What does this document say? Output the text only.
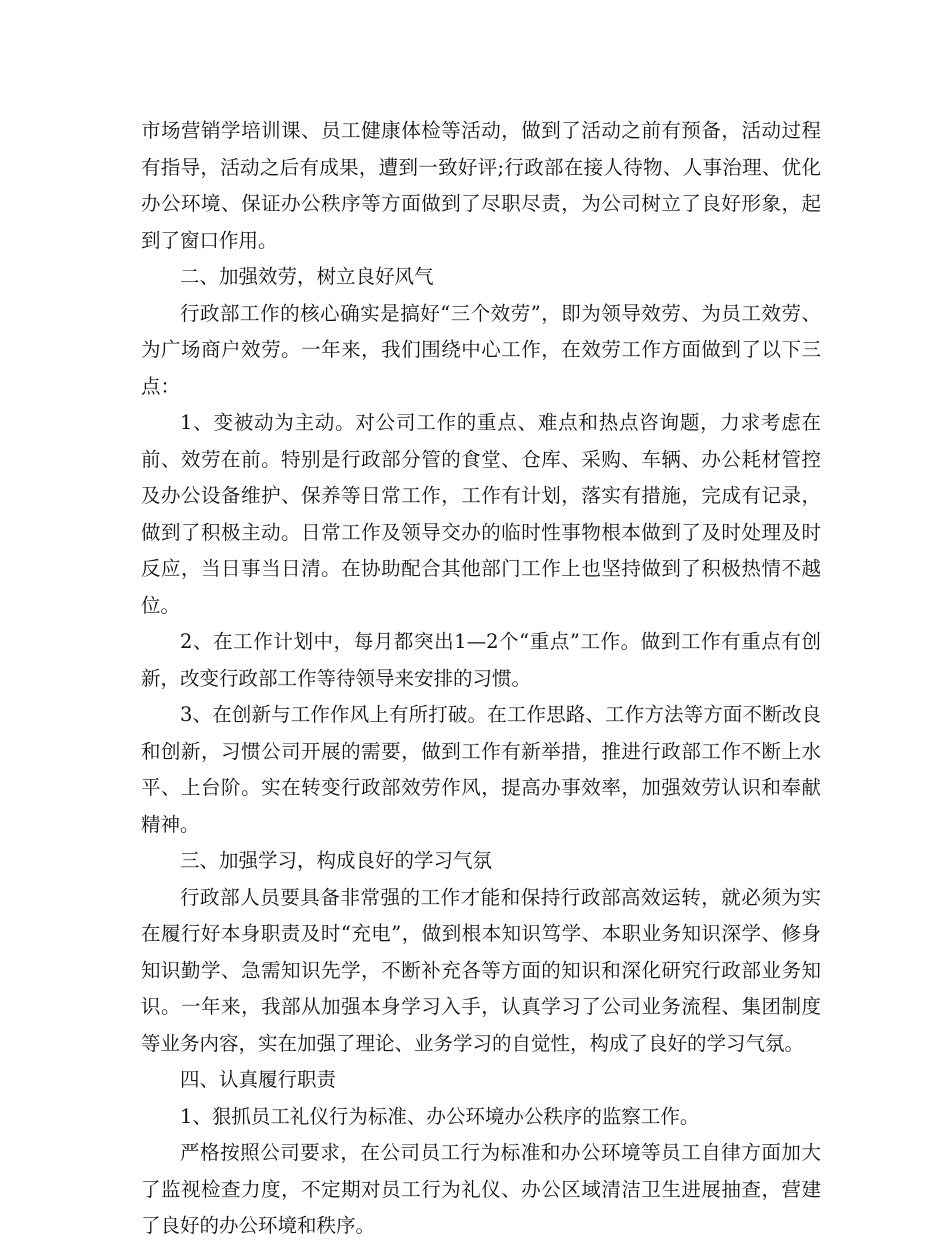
市场营销学培训课、员工健康体检等活动，做到了活动之前有预备，活动过程有指导，活动之后有成果，遭到一致好评;行政部在接人待物、人事治理、优化办公环境、保证办公秩序等方面做到了尽职尽责，为公司树立了良好形象，起到了窗口作用。

二、加强效劳，树立良好风气

行政部工作的核心确实是搞好“三个效劳”，即为领导效劳、为员工效劳、为广场商户效劳。一年来，我们围绕中心工作，在效劳工作方面做到了以下三点：

1、变被动为主动。对公司工作的重点、难点和热点咨询题，力求考虑在前、效劳在前。特别是行政部分管的食堂、仓库、采购、车辆、办公耗材管控及办公设备维护、保养等日常工作，工作有计划，落实有措施，完成有记录，做到了积极主动。日常工作及领导交办的临时性事物根本做到了及时处理及时反应，当日事当日清。在协助配合其他部门工作上也坚持做到了积极热情不越位。

2、在工作计划中，每月都突出1—2个“重点”工作。做到工作有重点有创新，改变行政部工作等待领导来安排的习惯。

3、在创新与工作作风上有所打破。在工作思路、工作方法等方面不断改良和创新，习惯公司开展的需要，做到工作有新举措，推进行政部工作不断上水平、上台阶。实在转变行政部效劳作风，提高办事效率，加强效劳认识和奉献精神。

三、加强学习，构成良好的学习气氛

行政部人员要具备非常强的工作才能和保持行政部高效运转，就必须为实在履行好本身职责及时“充电”，做到根本知识笃学、本职业务知识深学、修身知识勤学、急需知识先学，不断补充各等方面的知识和深化研究行政部业务知识。一年来，我部从加强本身学习入手，认真学习了公司业务流程、集团制度等业务内容，实在加强了理论、业务学习的自觉性，构成了良好的学习气氛。

四、认真履行职责

1、狠抓员工礼仪行为标准、办公环境办公秩序的监察工作。

严格按照公司要求，在公司员工行为标准和办公环境等员工自律方面加大了监视检查力度，不定期对员工行为礼仪、办公区域清洁卫生进展抽查，营建了良好的办公环境和秩序。
